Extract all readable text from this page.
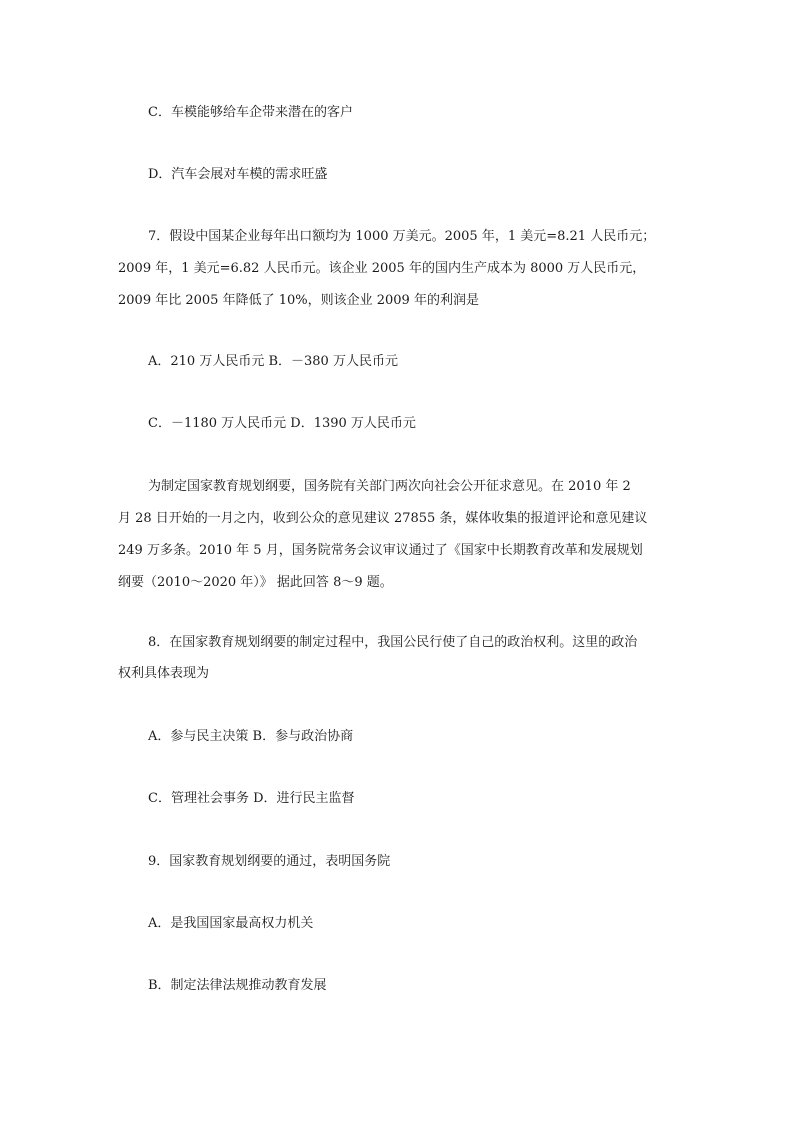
C．车模能够给车企带来潜在的客户
D．汽车会展对车模的需求旺盛
7．假设中国某企业每年出口额均为 1000 万美元。2005 年，1 美元=8.21 人民币元；
2009 年，1 美元=6.82 人民币元。该企业 2005 年的国内生产成本为 8000 万人民币元，
2009 年比 2005 年降低了 10%，则该企业 2009 年的利润是
A．210 万人民币元 B．－380 万人民币元
C．－1180 万人民币元 D．1390 万人民币元
为制定国家教育规划纲要，国务院有关部门两次向社会公开征求意见。在 2010 年 2
月 28 日开始的一月之内，收到公众的意见建议 27855 条，媒体收集的报道评论和意见建议
249 万多条。2010 年 5 月，国务院常务会议审议通过了《国家中长期教育改革和发展规划
纲要（2010～2020 年）》 据此回答 8～9 题。
8．在国家教育规划纲要的制定过程中，我国公民行使了自己的政治权利。这里的政治
权利具体表现为
A．参与民主决策 B．参与政治协商
C．管理社会事务 D．进行民主监督
9．国家教育规划纲要的通过，表明国务院
A．是我国国家最高权力机关
B．制定法律法规推动教育发展
